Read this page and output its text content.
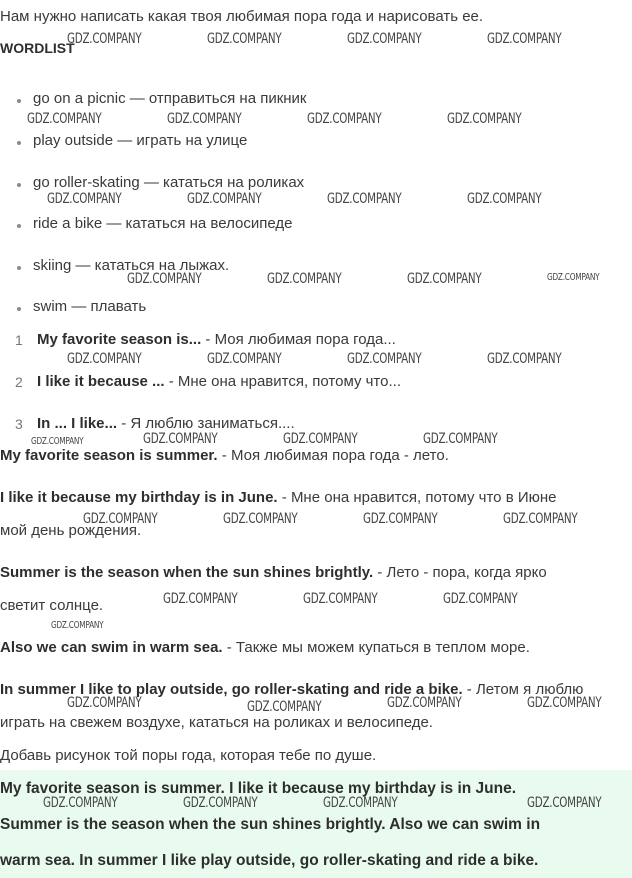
Нам нужно написать какая твоя любимая пора года и нарисовать ее.
WORDLIST
go on a picnic — отправиться на пикник
play outside — играть на улице
go roller-skating — кататься на роликах
ride a bike — кататься на велосипеде
skiing — кататься на лыжах.
swim — плавать
1 My favorite season is... - Моя любимая пора года...
2 I like it because ... - Мне она нравится, потому что...
3 In ... I like... - Я люблю заниматься....
My favorite season is summer. - Моя любимая пора года - лето.
I like it because my birthday is in June. - Мне она нравится, потому что в Июне
мой день рождения.
Summer is the season when the sun shines brightly. - Лето - пора, когда ярко
светит солнце.
Also we can swim in warm sea. - Также мы можем купаться в теплом море.
In summer I like to play outside, go roller-skating and ride a bike. - Летом я люблю
играть на свежем воздухе, кататься на роликах и велосипеде.
Добавь рисунок той поры года, которая тебе по душе.
My favorite season is summer. I like it because my birthday is in June.
Summer is the season when the sun shines brightly. Also we can swim in
warm sea. In summer I like play outside, go roller-skating and ride a bike.
GDZ.COMPANY	GDZ.COMPANY	GDZ.COMPANY	GDZ.COMPANY
GDZ.COMPANY	GDZ.COMPANY	GDZ.COMPANY	GDZ.COMPANY
GDZ.COMPANY	GDZ.COMPANY	GDZ.COMPANY	GDZ.COMPANY
GDZ.COMPANY	GDZ.COMPANY	GDZ.COMPANY	GDZ.COMPANY
GDZ.COMPANY	GDZ.COMPANY	GDZ.COMPANY	GDZ.COMPANY
GDZ.COMPANY	GDZ.COMPANY	GDZ.COMPANY	GDZ.COMPANY
GDZ.COMPANY	GDZ.COMPANY	GDZ.COMPANY	GDZ.COMPANY
GDZ.COMPANY	GDZ.COMPANY	GDZ.COMPANY
GDZ.COMPANY
GDZ.COMPANY	GDZ.COMPANY	GDZ.COMPANY	GDZ.COMPANY
GDZ.COMPANY	GDZ.COMPANY	GDZ.COMPANY	GDZ.COMPANY
